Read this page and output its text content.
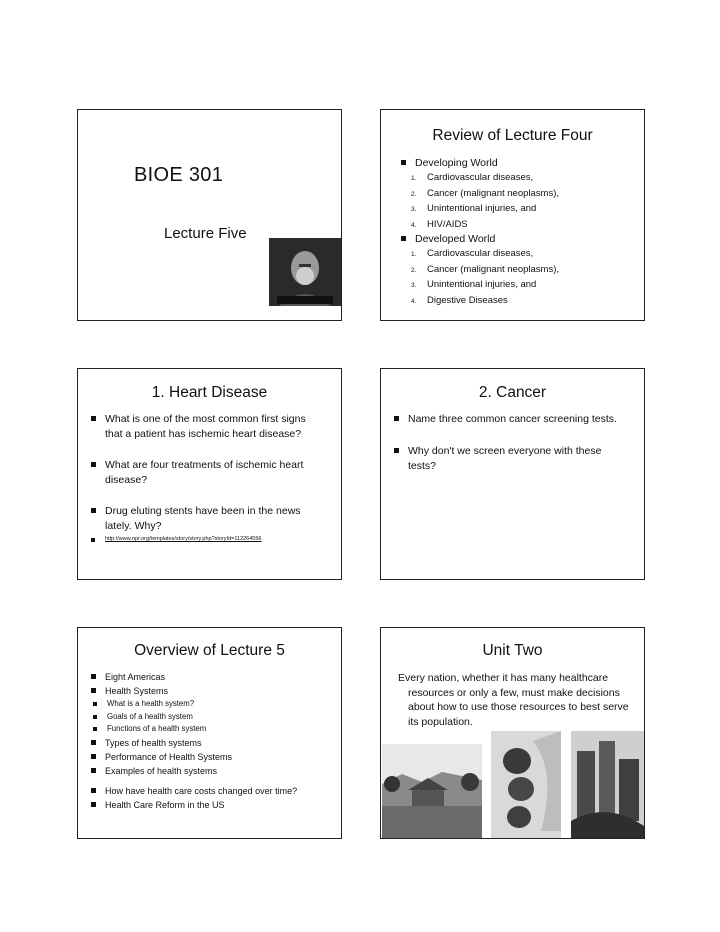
BIOE 301
Lecture Five
Review of Lecture Four
Developing World
1. Cardiovascular diseases,
2. Cancer (malignant neoplasms),
3. Unintentional injuries, and
4. HIV/AIDS
Developed World
1. Cardiovascular diseases,
2. Cancer (malignant neoplasms),
3. Unintentional injuries, and
4. Digestive Diseases
1. Heart Disease
What is one of the most common first signs that a patient has ischemic heart disease?
What are four treatments of ischemic heart disease?
Drug eluting stents have been in the news lately. Why?
http://www.npr.org/templates/story/story.php?storyId=112264556
2. Cancer
Name three common cancer screening tests.
Why don't we screen everyone with these tests?
Overview of Lecture 5
Eight Americas
Health Systems
What is a health system?
Goals of a health system
Functions of a health system
Types of health systems
Performance of Health Systems
Examples of health systems
How have health care costs changed over time?
Health Care Reform in the US
Unit Two
Every nation, whether it has many healthcare resources or only a few, must make decisions about how to use those resources to best serve its population.
